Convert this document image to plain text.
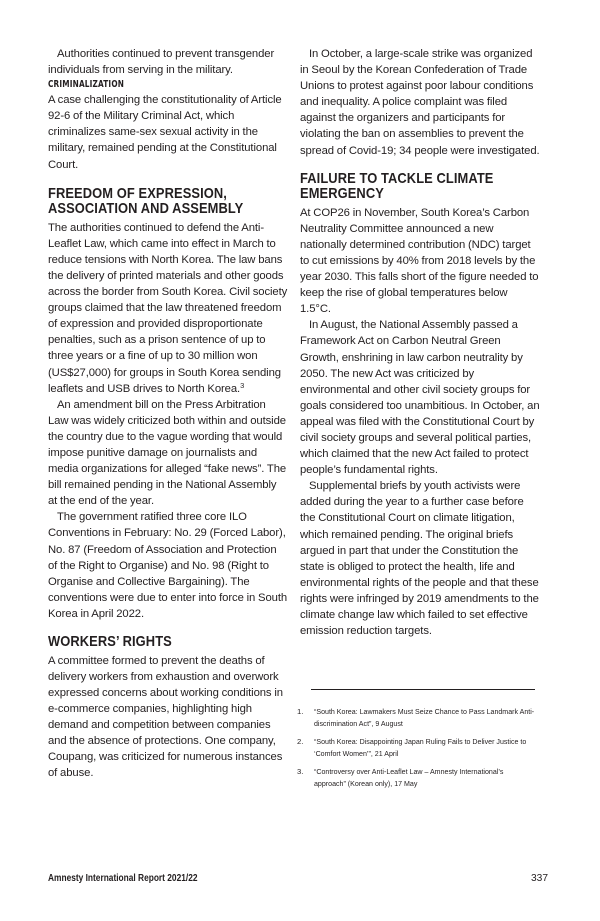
Authorities continued to prevent transgender individuals from serving in the military.

CRIMINALIZATION

A case challenging the constitutionality of Article 92-6 of the Military Criminal Act, which criminalizes same-sex sexual activity in the military, remained pending at the Constitutional Court.

FREEDOM OF EXPRESSION,
ASSOCIATION AND ASSEMBLY

The authorities continued to defend the Anti-Leaflet Law, which came into effect in March to reduce tensions with North Korea. The law bans the delivery of printed materials and other goods across the border from South Korea. Civil society groups claimed that the law threatened freedom of expression and provided disproportionate penalties, such as a prison sentence of up to three years or a fine of up to 30 million won (US$27,000) for groups in South Korea sending leaflets and USB drives to North Korea.$^3$

An amendment bill on the Press Arbitration Law was widely criticized both within and outside the country due to the vague wording that would impose punitive damage on journalists and media organizations for alleged “fake news”. The bill remained pending in the National Assembly at the end of the year.

The government ratified three core ILO Conventions in February: No. 29 (Forced Labor), No. 87 (Freedom of Association and Protection of the Right to Organise) and No. 98 (Right to Organise and Collective Bargaining). The conventions were due to enter into force in South Korea in April 2022.

WORKERS’ RIGHTS

A committee formed to prevent the deaths of delivery workers from exhaustion and overwork expressed concerns about working conditions in e-commerce companies, highlighting high demand and competition between companies and the absence of protections. One company, Coupang, was criticized for numerous instances of abuse.

In October, a large-scale strike was organized in Seoul by the Korean Confederation of Trade Unions to protest against poor labour conditions and inequality. A police complaint was filed against the organizers and participants for violating the ban on assemblies to prevent the spread of Covid-19; 34 people were investigated.

FAILURE TO TACKLE CLIMATE
EMERGENCY

At COP26 in November, South Korea’s Carbon Neutrality Committee announced a new nationally determined contribution (NDC) target to cut emissions by 40% from 2018 levels by the year 2030. This falls short of the figure needed to keep the rise of global temperatures below 1.5°C.

In August, the National Assembly passed a Framework Act on Carbon Neutral Green Growth, enshrining in law carbon neutrality by 2050. The new Act was criticized by environmental and other civil society groups for goals considered too unambitious. In October, an appeal was filed with the Constitutional Court by civil society groups and several political parties, which claimed that the new Act failed to protect people’s fundamental rights.

Supplemental briefs by youth activists were added during the year to a further case before the Constitutional Court on climate litigation, which remained pending. The original briefs argued in part that under the Constitution the state is obliged to protect the health, life and environmental rights of the people and that these rights were infringed by 2019 amendments to the climate change law which failed to set effective emission reduction targets.

1. “South Korea: Lawmakers Must Seize Chance to Pass Landmark Anti-discrimination Act”, 9 August
2. “South Korea: Disappointing Japan Ruling Fails to Deliver Justice to ‘Comfort Women’”, 21 April
3. “Controversy over Anti-Leaflet Law – Amnesty International’s approach” (Korean only), 17 May
Amnesty International Report 2021/22	337
